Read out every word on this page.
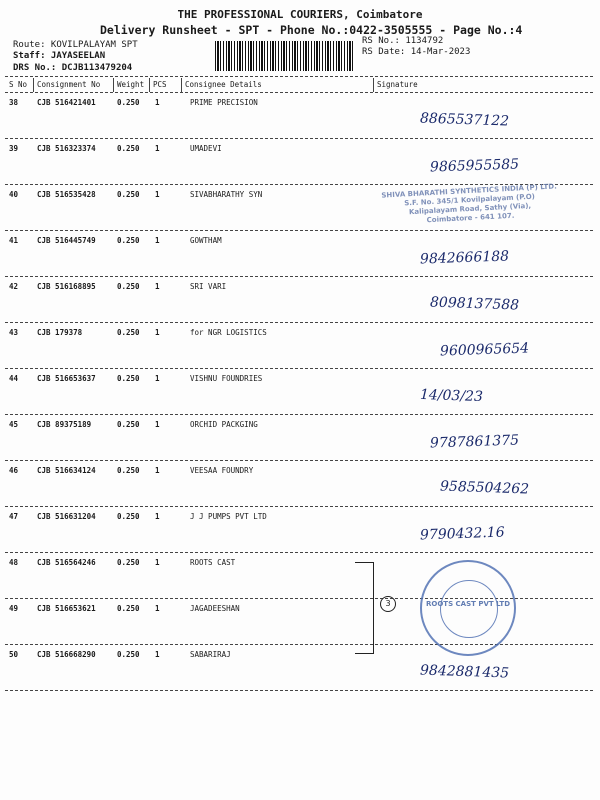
THE PROFESSIONAL COURIERS, Coimbatore
Delivery Runsheet - SPT - Phone No.:0422-3505555 - Page No.:4
Route: KOVILPALAYAM SPT
Staff: JAYASEELAN
DRS No.: DCJB113479204
RS No.: 1134792
RS Date: 14-Mar-2023
S No Consignment No Weight PCS Consignee Details	Signature
38	CJB 516421401	0.250 1	PRIME PRECISION
8865537122
39	CJB 516323374	0.250 1	UMADEVI
9865955585
40	CJB 516535428	0.250 1	SIVABHARATHY SYN
41	CJB 516445749	0.250 1	GOWTHAM
9842666188
42	CJB 516168895	0.250 1	SRI VARI
8098137588
43	CJB 179378	0.250 1	for NGR LOGISTICS
9600965654
44	CJB 516653637	0.250 1	VISHNU FOUNDRIES
14/03/23
45	CJB 89375189	0.250 1	ORCHID PACKGING
9787861375
46	CJB 516634124	0.250 1	VEESAA FOUNDRY
9585504262
47	CJB 516631204	0.250 1	J J PUMPS PVT LTD
9790432.16
48	CJB 516564246	0.250 1	ROOTS CAST
49	CJB 516653621	0.250 1	JAGADEESHAN
50	CJB 516668290	0.250 1	SABARIRAJ
9842881435
SHIVA BHARATHI SYNTHETICS INDIA (P) LTD.
S.F. No. 345/1 Kovilpalayam (P.O)
Kalipalayam Road, Sathy (Via),
Coimbatore - 641 107.
3	ROOTS CAST PVT LTD
